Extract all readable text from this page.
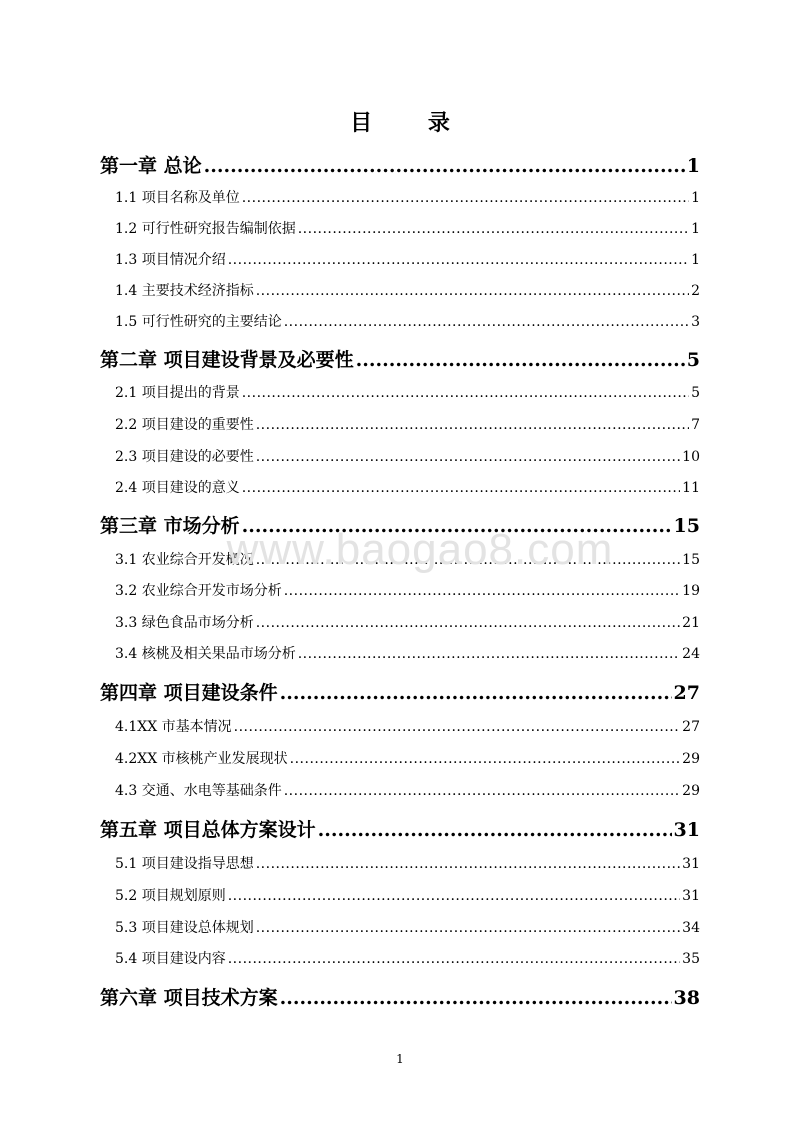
目 录
第一章 总论 .....	1
1.1 项目名称及单位 .....	1
1.2 可行性研究报告编制依据 .....	1
1.3 项目情况介绍 .....	1
1.4 主要技术经济指标 .....	2
1.5 可行性研究的主要结论 .....	3
第二章 项目建设背景及必要性 .....	5
2.1 项目提出的背景 .....	5
2.2 项目建设的重要性 .....	7
2.3 项目建设的必要性 .....	10
2.4 项目建设的意义 .....	11
第三章 市场分析 .....	15
3.1 农业综合开发概况 .....	15
3.2 农业综合开发市场分析 .....	19
3.3 绿色食品市场分析 .....	21
3.4 核桃及相关果品市场分析 .....	24
第四章 项目建设条件 .....	27
4.1XX 市基本情况 .....	27
4.2XX 市核桃产业发展现状 .....	29
4.3 交通、水电等基础条件 .....	29
第五章 项目总体方案设计 .....	31
5.1 项目建设指导思想 .....	31
5.2 项目规划原则 .....	31
5.3 项目建设总体规划 .....	34
5.4 项目建设内容 .....	35
第六章 项目技术方案 .....	38
www.baogao8.com
1
